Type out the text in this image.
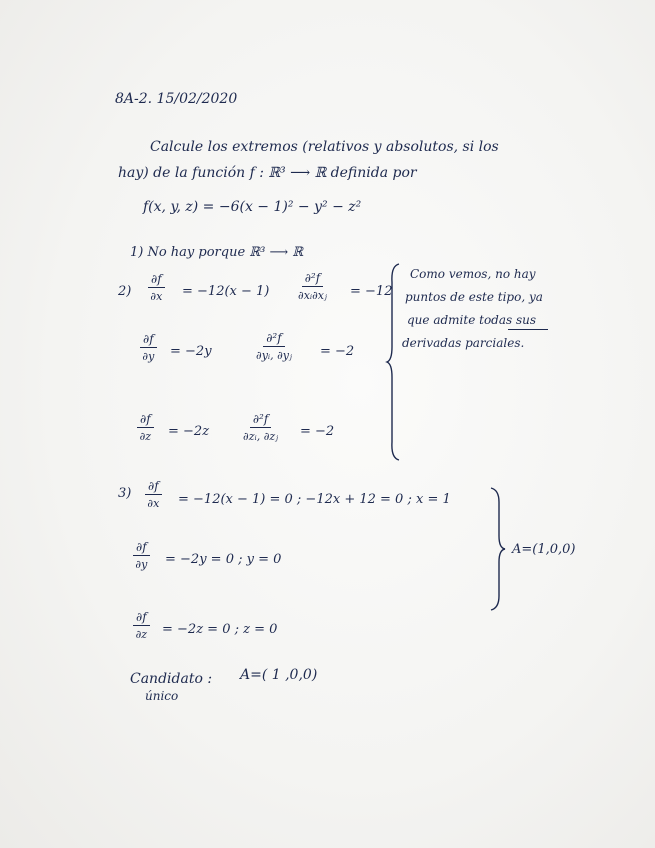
8A-2. 15/02/2020
Calcule los extremos (relativos y absolutos, si los
hay) de la función f : ℝ³ ⟶ ℝ definida por
f(x, y, z) = −6(x − 1)² − y² − z²
1) No hay porque ℝ³ ⟶ ℝ
$2) \frac{\partial f}{\partial x} = -12(x - 1) \frac{\text{∂²f}}{\text{∂xᵢ∂xⱼ}} = -12$
$\frac{\partial f}{\partial y} = -2y$	$\frac{\text{∂²f}}{\text{∂yᵢ, ∂yⱼ}} = -2$
$\frac{\partial f}{\partial z} = -2z$	$\frac{\text{∂²f}}{\text{∂zᵢ, ∂zⱼ}} = -2$
Como vemos, no hay
puntos de este tipo, ya
que admite todas sus
derivadas parciales.
$3) \frac{\partial f}{\partial x} = -12(x - 1) = 0$ ; −12x + 12 = 0 ; x = 1
$\frac{\partial f}{\partial y} = -2y = 0$ ; y = 0
$\frac{\partial f}{\partial z} = -2z = 0$ ; z = 0
A=(1,0,0)
Candidato :
único
A=( 1 ,0,0)
